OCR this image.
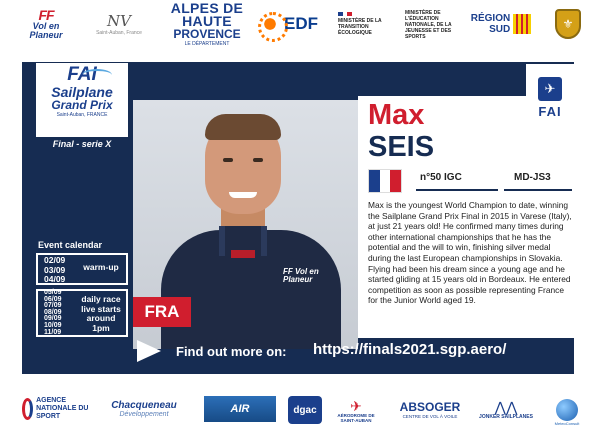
FF
Vol en Planeur
NV
Saint-Auban, France
ALPES DE HAUTE
PROVENCE
LE DÉPARTEMENT
EDF	MINISTÈRE DE LA TRANSITION ÉCOLOGIQUE
MINISTÈRE DE L'ÉDUCATION NATIONALE, DE LA JEUNESSE ET DES SPORTS
RÉGION
SUD	⚜
FAI
Sailplane
Grand Prix
Saint-Auban, FRANCE
Final - serie X
FF Vol en Planeur
FRA
Event calendar
02/09
03/09
04/09
warm-up
05/09
06/09
07/09
08/09
09/09
10/09
11/09
daily race live starts around 1pm
✈
FAI
Max
SEIS
n°50 IGC	MD-JS3
Max is the youngest World Champion to date, winning the Sailplane Grand Prix Final in 2015 in Varese (Italy), at just 21 years old! He confirmed many times during other international championships that he has the potential and the will to win, finishing silver medal during the last European championships in Slovakia. Flying had been his dream since a young age and he started gliding at 15 years old in Bordeaux. He entered competition as soon as possible representing France for the Junior World aged 19.
Find out more on: https://finals2021.sgp.aero/
AGENCE NATIONALE DU SPORT
Chacqueneau
Développement	AIR	dgac	✈
AÉRODROME DE SAINT-AUBAN
ABSOGER
CENTRE DE VOL À VOILE
⋀⋀
JONKER SAILPLANES
MeteoConsult
